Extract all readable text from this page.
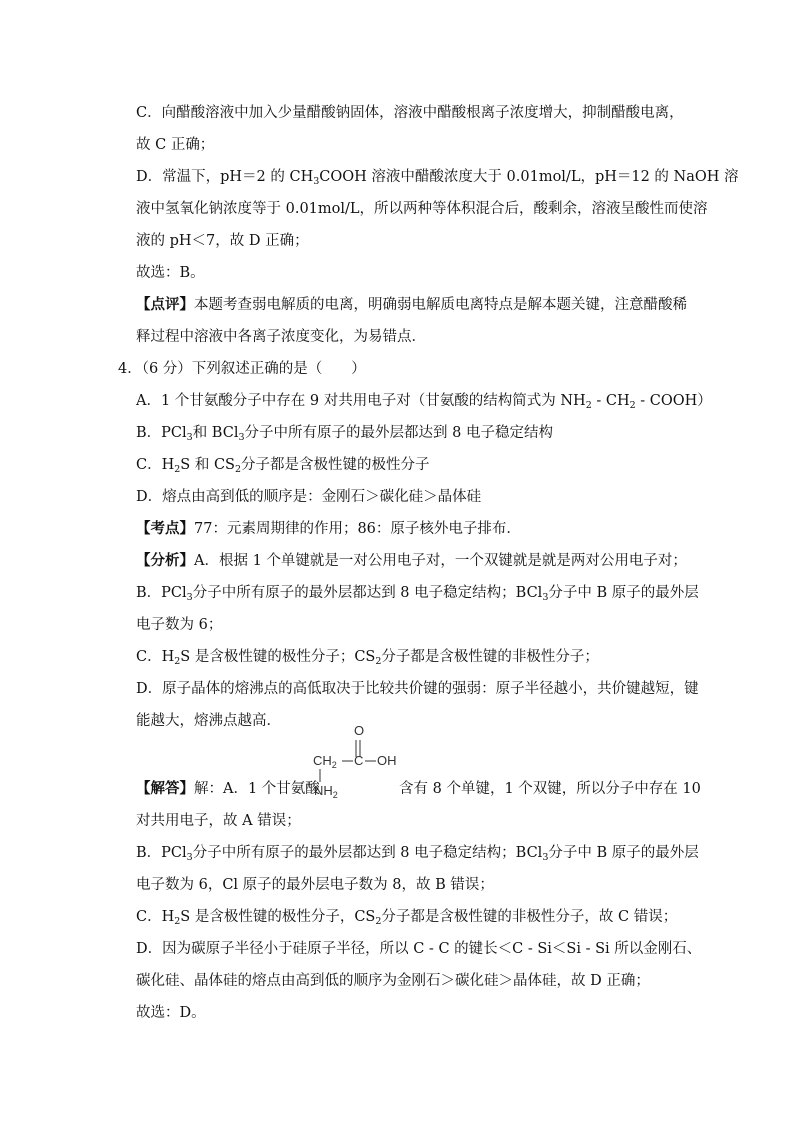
C．向醋酸溶液中加入少量醋酸钠固体，溶液中醋酸根离子浓度增大，抑制醋酸电离，
故 C 正确；
D．常温下，pH＝2 的 $CH_3COOH$ 溶液中醋酸浓度大于 0.01mol/L，pH＝12 的 NaOH 溶
液中氢氧化钠浓度等于 0.01mol/L，所以两种等体积混合后，酸剩余，溶液呈酸性而使溶
液的 pH＜7，故 D 正确；
故选：B。
【点评】本题考查弱电解质的电离，明确弱电解质电离特点是解本题关键，注意醋酸稀
释过程中溶液中各离子浓度变化，为易错点．
4．（6 分）下列叙述正确的是（　　）
A．1 个甘氨酸分子中存在 9 对共用电子对（甘氨酸的结构简式为 $NH_2 - CH_2$ - COOH）
B．PCl$_3$和 BCl$_3$分子中所有原子的最外层都达到 8 电子稳定结构
C．$H_2S$ 和 $CS_2$分子都是含极性键的极性分子
D．熔点由高到低的顺序是：金刚石＞碳化硅＞晶体硅
【考点】77：元素周期律的作用；86：原子核外电子排布．
【分析】A．根据 1 个单键就是一对公用电子对，一个双键就是就是两对公用电子对；
B．PCl$_3$分子中所有原子的最外层都达到 8 电子稳定结构；BCl$_3$分子中 B 原子的最外层
电子数为 6；
C．$H_2S$ 是含极性键的极性分子；$CS_2$分子都是含极性键的非极性分子；
D．原子晶体的熔沸点的高低取决于比较共价键的强弱：原子半径越小，共价键越短，键
能越大，熔沸点越高．
O
$CH_2$ C OH
$NH_2$
【解答】解：A．1 个甘氨酸	含有 8 个单键，1 个双键，所以分子中存在 10
对共用电子，故 A 错误；
B．PCl$_3$分子中所有原子的最外层都达到 8 电子稳定结构；BCl$_3$分子中 B 原子的最外层
电子数为 6，Cl 原子的最外层电子数为 8，故 B 错误；
C．$H_2S$ 是含极性键的极性分子，$CS_2$分子都是含极性键的非极性分子，故 C 错误；
D．因为碳原子半径小于硅原子半径，所以 C - C 的键长＜C - Si＜Si - Si 所以金刚石、
碳化硅、晶体硅的熔点由高到低的顺序为金刚石＞碳化硅＞晶体硅，故 D 正确；
故选：D。
